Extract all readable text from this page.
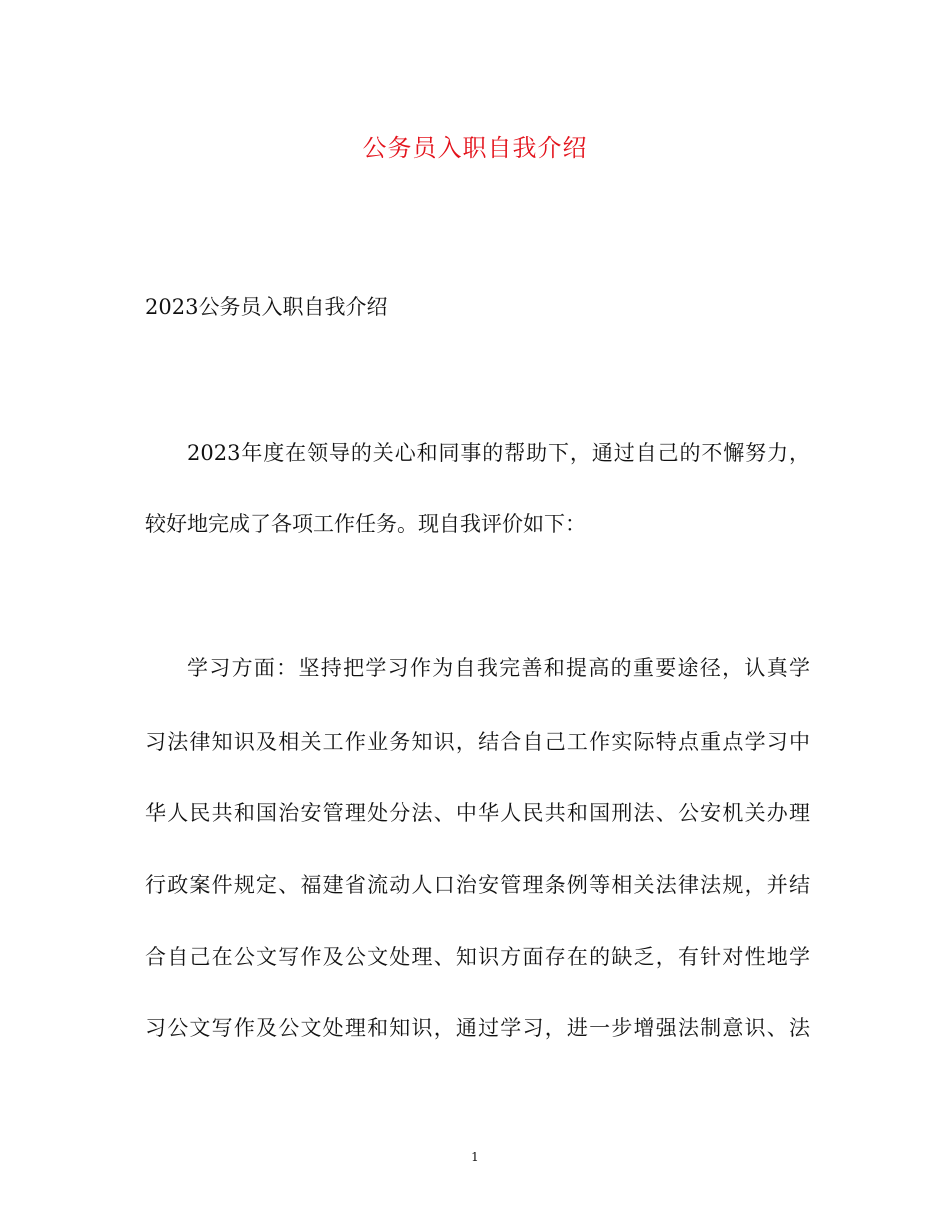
公务员入职自我介绍
2023公务员入职自我介绍
2023年度在领导的关心和同事的帮助下，通过自己的不懈努力，
较好地完成了各项工作任务。现自我评价如下：
学习方面：坚持把学习作为自我完善和提高的重要途径，认真学
习法律知识及相关工作业务知识，结合自己工作实际特点重点学习中
华人民共和国治安管理处分法、中华人民共和国刑法、公安机关办理
行政案件规定、福建省流动人口治安管理条例等相关法律法规，并结
合自己在公文写作及公文处理、知识方面存在的缺乏，有针对性地学
习公文写作及公文处理和知识，通过学习，进一步增强法制意识、法
1
